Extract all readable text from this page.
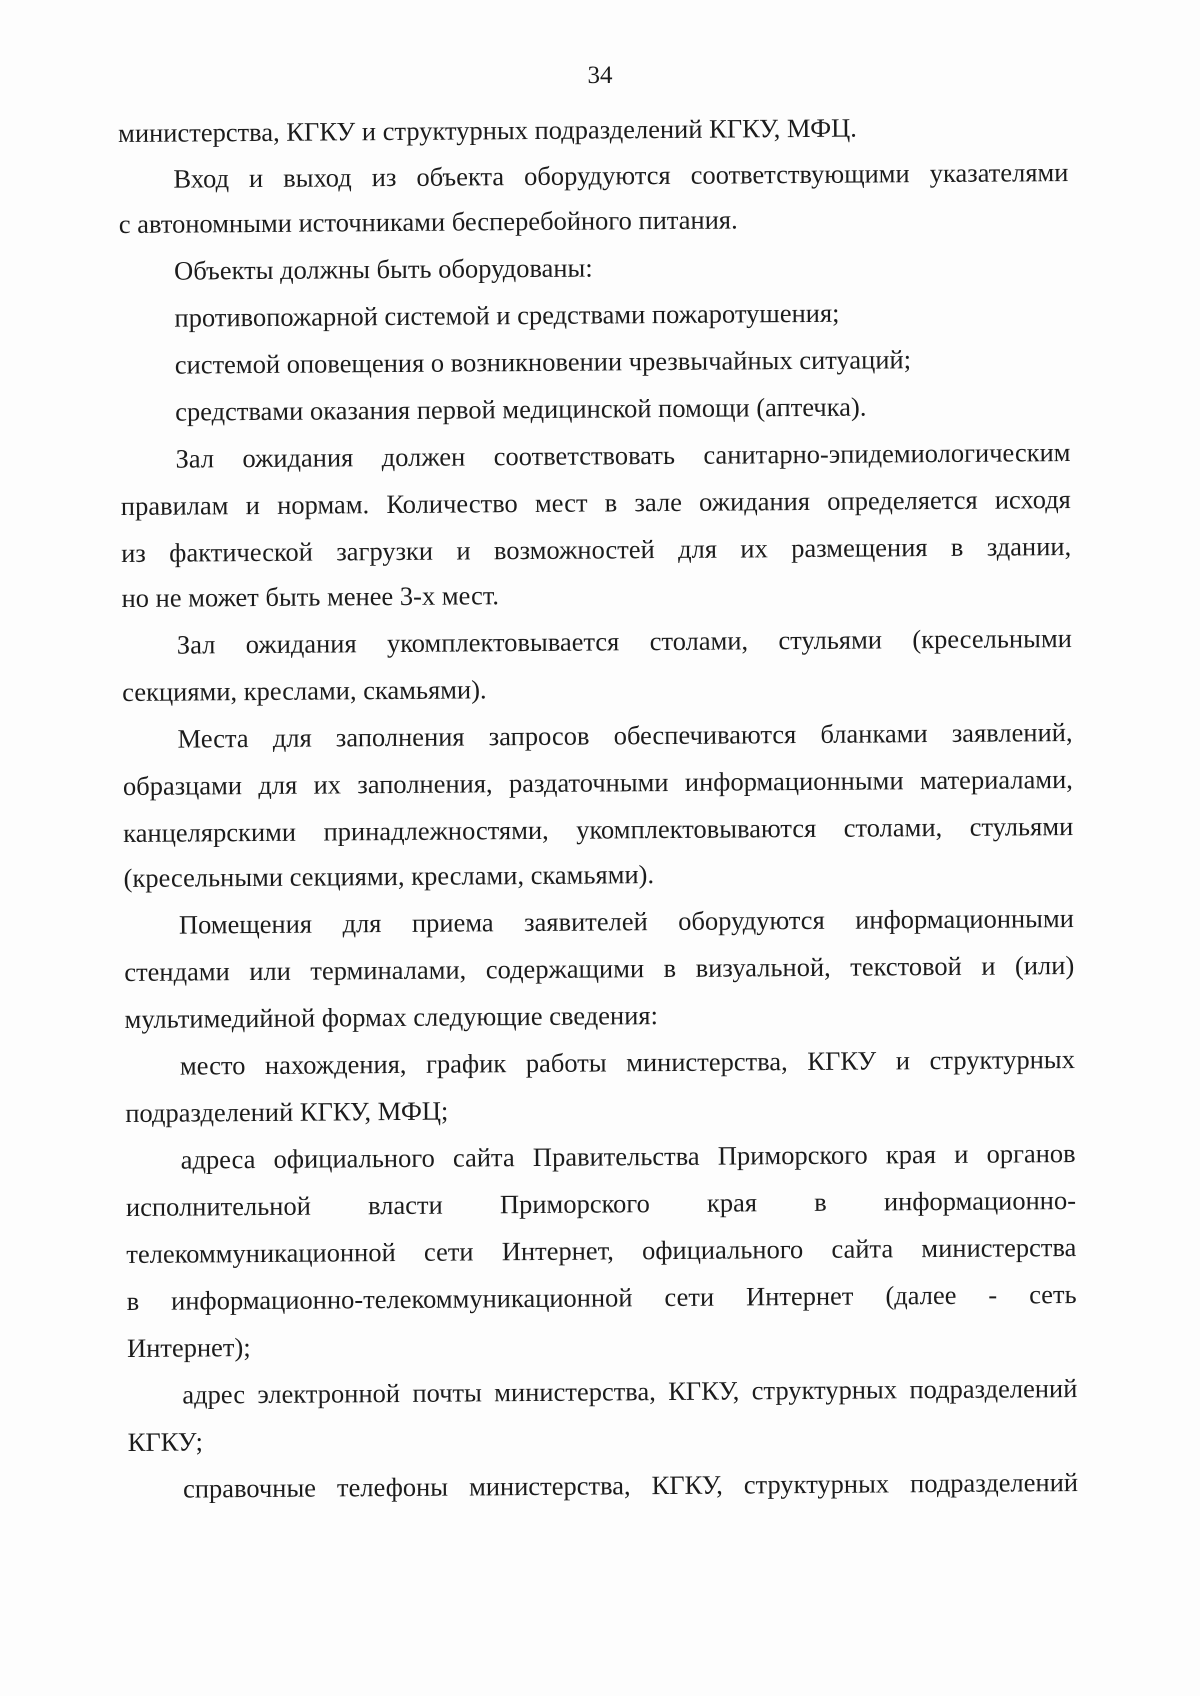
34
министерства, КГКУ и структурных подразделений КГКУ, МФЦ.
Вход и выход из объекта оборудуются соответствующими указателями
с автономными источниками бесперебойного питания.
Объекты должны быть оборудованы:
противопожарной системой и средствами пожаротушения;
системой оповещения о возникновении чрезвычайных ситуаций;
средствами оказания первой медицинской помощи (аптечка).
Зал ожидания должен соответствовать санитарно-эпидемиологическим
правилам и нормам. Количество мест в зале ожидания определяется исходя
из фактической загрузки и возможностей для их размещения в здании,
но не может быть менее 3-х мест.
Зал ожидания укомплектовывается столами, стульями (кресельными
секциями, креслами, скамьями).
Места для заполнения запросов обеспечиваются бланками заявлений,
образцами для их заполнения, раздаточными информационными материалами,
канцелярскими принадлежностями, укомплектовываются столами, стульями
(кресельными секциями, креслами, скамьями).
Помещения для приема заявителей оборудуются информационными
стендами или терминалами, содержащими в визуальной, текстовой и (или)
мультимедийной формах следующие сведения:
место нахождения, график работы министерства, КГКУ и структурных
подразделений КГКУ, МФЦ;
адреса официального сайта Правительства Приморского края и органов
исполнительной власти Приморского края в информационно-
телекоммуникационной сети Интернет, официального сайта министерства
в информационно-телекоммуникационной сети Интернет (далее - сеть
Интернет);
адрес электронной почты министерства, КГКУ, структурных подразделений
КГКУ;
справочные телефоны министерства, КГКУ, структурных подразделений
